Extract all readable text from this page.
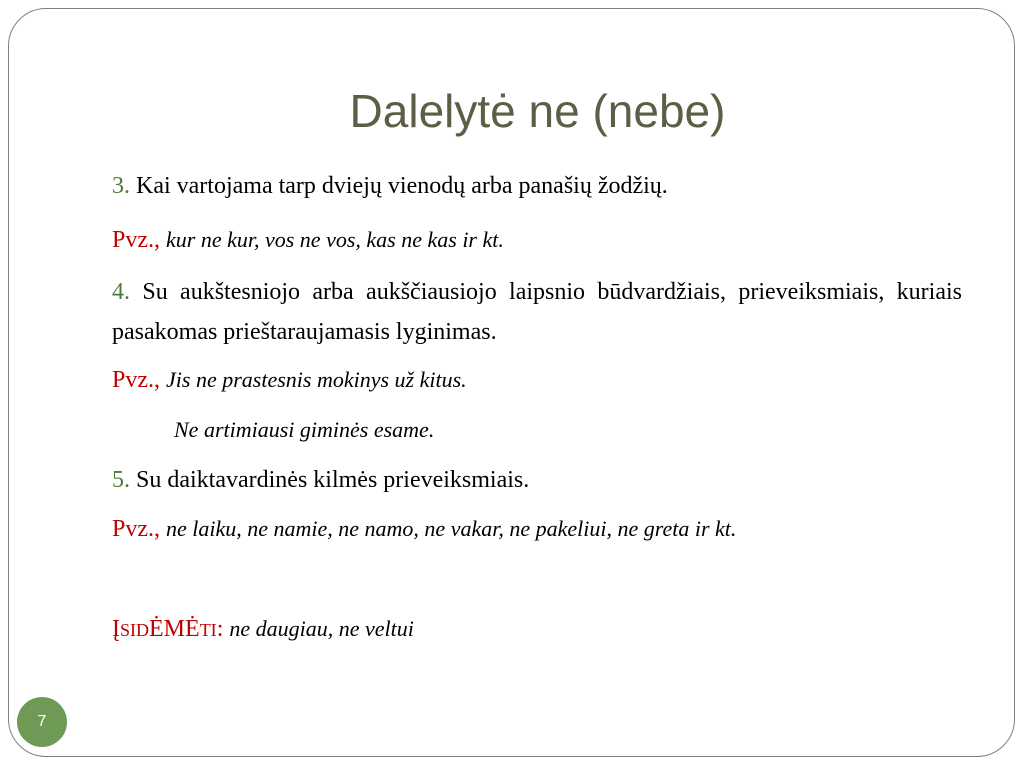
Dalelytė ne (nebe)
3. Kai vartojama tarp dviejų vienodų arba panašių žodžių.
Pvz., kur ne kur, vos ne vos, kas ne kas ir kt.
4. Su aukštesniojo arba aukščiausiojo laipsnio būdvardžiais, prieveiksmiais, kuriais pasakomas prieštaraujamasis lyginimas.
Pvz., Jis ne prastesnis mokinys už kitus.
Ne artimiausi giminės esame.
5. Su daiktavardinės kilmės prieveiksmiais.
Pvz., ne laiku, ne namie, ne namo, ne vakar, ne pakeliui, ne greta ir kt.
ĮSIDĖMĖTI: ne daugiau, ne veltui
7
